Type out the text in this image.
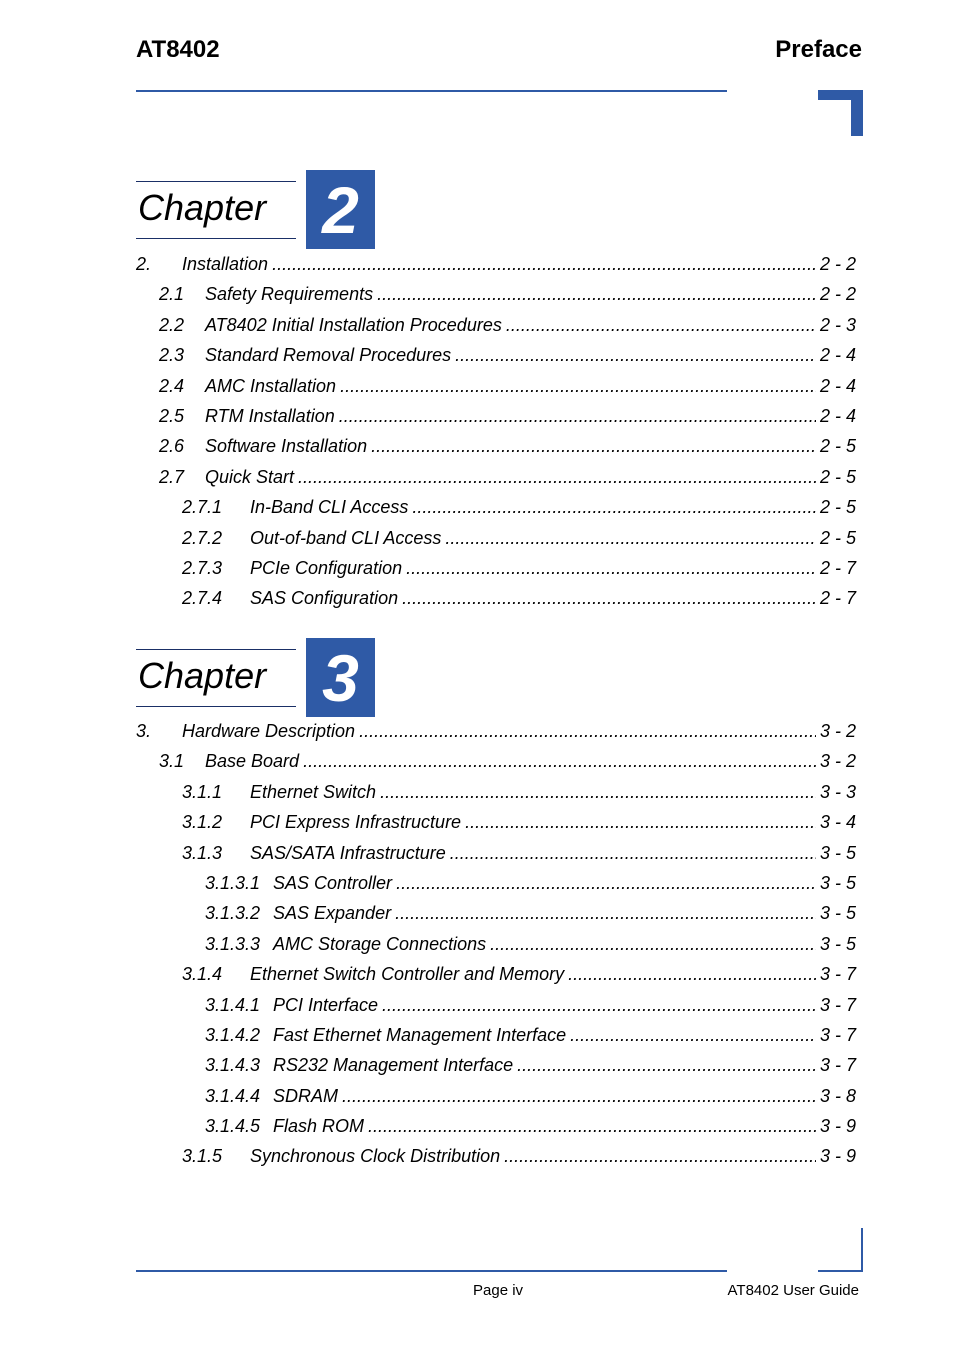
AT8402	Preface
Chapter 2
2.	Installation .....	2 - 2
2.1	Safety Requirements .....	2 - 2
2.2	AT8402 Initial Installation Procedures .....	2 - 3
2.3	Standard Removal Procedures .....	2 - 4
2.4	AMC Installation .....	2 - 4
2.5	RTM Installation .....	2 - 4
2.6	Software Installation .....	2 - 5
2.7	Quick Start .....	2 - 5
2.7.1	In-Band CLI Access .....	2 - 5
2.7.2	Out-of-band CLI Access .....	2 - 5
2.7.3	PCIe Configuration .....	2 - 7
2.7.4	SAS Configuration .....	2 - 7
Chapter 3
3.	Hardware Description .....	3 - 2
3.1	Base Board .....	3 - 2
3.1.1	Ethernet Switch .....	3 - 3
3.1.2	PCI Express Infrastructure .....	3 - 4
3.1.3	SAS/SATA Infrastructure .....	3 - 5
3.1.3.1 SAS Controller .....	3 - 5
3.1.3.2 SAS Expander .....	3 - 5
3.1.3.3 AMC Storage Connections .....	3 - 5
3.1.4	Ethernet Switch Controller and Memory .....	3 - 7
3.1.4.1 PCI Interface .....	3 - 7
3.1.4.2 Fast Ethernet Management Interface .....	3 - 7
3.1.4.3 RS232 Management Interface .....	3 - 7
3.1.4.4 SDRAM .....	3 - 8
3.1.4.5 Flash ROM .....	3 - 9
3.1.5	Synchronous Clock Distribution .....	3 - 9
Page iv	AT8402 User Guide
